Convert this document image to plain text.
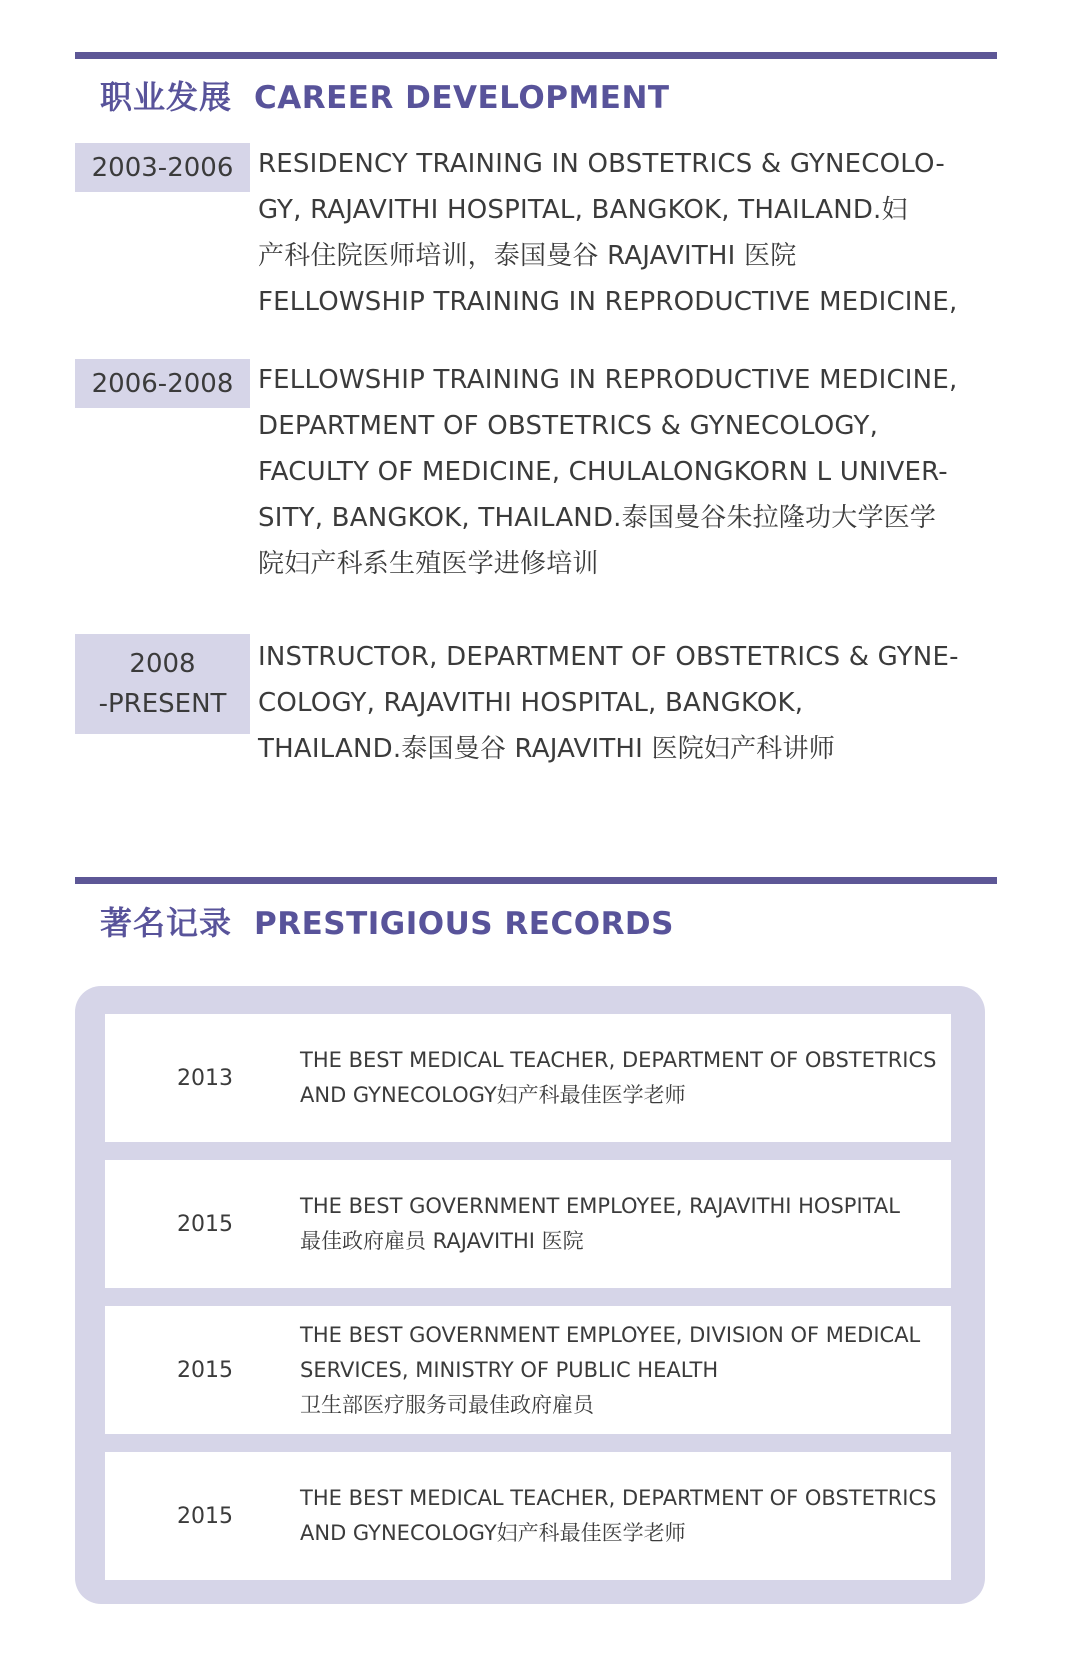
职业发展 CAREER DEVELOPMENT
2003-2006 RESIDENCY TRAINING IN OBSTETRICS & GYNECOLO-
GY, RAJAVITHI HOSPITAL, BANGKOK, THAILAND.妇
产科住院医师培训，泰国曼谷 RAJAVITHI 医院
FELLOWSHIP TRAINING IN REPRODUCTIVE MEDICINE,
2006-2008 FELLOWSHIP TRAINING IN REPRODUCTIVE MEDICINE,
DEPARTMENT OF OBSTETRICS & GYNECOLOGY,
FACULTY OF MEDICINE, CHULALONGKORN L UNIVER-
SITY, BANGKOK, THAILAND.泰国曼谷朱拉隆功大学医学
院妇产科系生殖医学进修培训
2008
-PRESENT
INSTRUCTOR, DEPARTMENT OF OBSTETRICS & GYNE-
COLOGY, RAJAVITHI HOSPITAL, BANGKOK,
THAILAND.泰国曼谷 RAJAVITHI 医院妇产科讲师
著名记录 PRESTIGIOUS RECORDS
2013
THE BEST MEDICAL TEACHER, DEPARTMENT OF OBSTETRICS
AND GYNECOLOGY妇产科最佳医学老师
2015
THE BEST GOVERNMENT EMPLOYEE, RAJAVITHI HOSPITAL
最佳政府雇员 RAJAVITHI 医院
2015
THE BEST GOVERNMENT EMPLOYEE, DIVISION OF MEDICAL
SERVICES, MINISTRY OF PUBLIC HEALTH
卫生部医疗服务司最佳政府雇员
2015
THE BEST MEDICAL TEACHER, DEPARTMENT OF OBSTETRICS
AND GYNECOLOGY妇产科最佳医学老师
